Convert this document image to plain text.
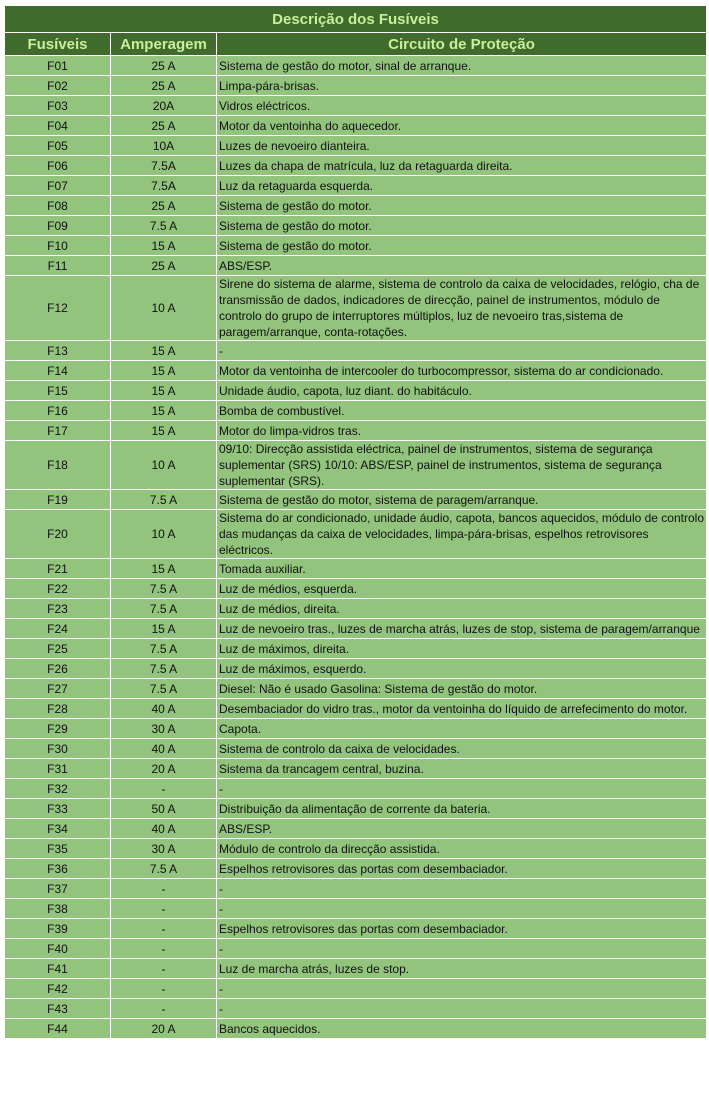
Descrição dos Fusíveis		
Fusíveis	Amperagem	Circuito de Proteção
F01	25 A	Sistema de gestão do motor, sinal de arranque.
F02	25 A	Limpa-pára-brisas.
F03	20A	Vidros eléctricos.
F04	25 A	Motor da ventoinha do aquecedor.
F05	10A	Luzes de nevoeiro dianteira.
F06	7.5A	Luzes da chapa de matrícula, luz da retaguarda direita.
F07	7.5A	Luz da retaguarda esquerda.
F08	25 A	Sistema de gestão do motor.
F09	7.5 A	Sistema de gestão do motor.
F10	15 A	Sistema de gestão do motor.
F11	25 A	ABS/ESP.
F12	10 A	Sirene do sistema de alarme, sistema de controlo da caixa de velocidades, relógio, cha de transmissão de dados, indicadores de direcção, painel de instrumentos, módulo de controlo do grupo de interruptores múltiplos, luz de nevoeiro tras,sistema de paragem/arranque, conta-rotações.
F13	15 A	-
F14	15 A	Motor da ventoinha de intercooler do turbocompressor, sistema do ar condicionado.
F15	15 A	Unidade áudio, capota, luz diant. do habitáculo.
F16	15 A	Bomba de combustível.
F17	15 A	Motor do limpa-vidros tras.
F18	10 A	09/10: Direcção assistida eléctrica, painel de instrumentos, sistema de segurança suplementar (SRS) 10/10: ABS/ESP, painel de instrumentos, sistema de segurança suplementar (SRS).
F19	7.5 A	Sistema de gestão do motor, sistema de paragem/arranque.
F20	10 A	Sistema do ar condicionado, unidade áudio, capota, bancos aquecidos, módulo de controlo das mudanças da caixa de velocidades, limpa-pára-brisas, espelhos retrovisores eléctricos.
F21	15 A	Tomada auxiliar.
F22	7.5 A	Luz de médios, esquerda.
F23	7.5 A	Luz de médios, direita.
F24	15 A	Luz de nevoeiro tras., luzes de marcha atrás, luzes de stop, sistema de paragem/arranque
F25	7.5 A	Luz de máximos, direita.
F26	7.5 A	Luz de máximos, esquerdo.
F27	7.5 A	Diesel: Não é usado Gasolina: Sistema de gestão do motor.
F28	40 A	Desembaciador do vidro tras., motor da ventoinha do líquido de arrefecimento do motor.
F29	30 A	Capota.
F30	40 A	Sistema de controlo da caixa de velocidades.
F31	20 A	Sistema da trancagem central, buzina.
F32	-	-
F33	50 A	Distribuição da alimentação de corrente da bateria.
F34	40 A	ABS/ESP.
F35	30 A	Módulo de controlo da direcção assistida.
F36	7.5 A	Espelhos retrovisores das portas com desembaciador.
F37	-	-
F38	-	-
F39	-	Espelhos retrovisores das portas com desembaciador.
F40	-	-
F41	-	Luz de marcha atrás, luzes de stop.
F42	-	-
F43	-	-
F44	20 A	Bancos aquecidos.
